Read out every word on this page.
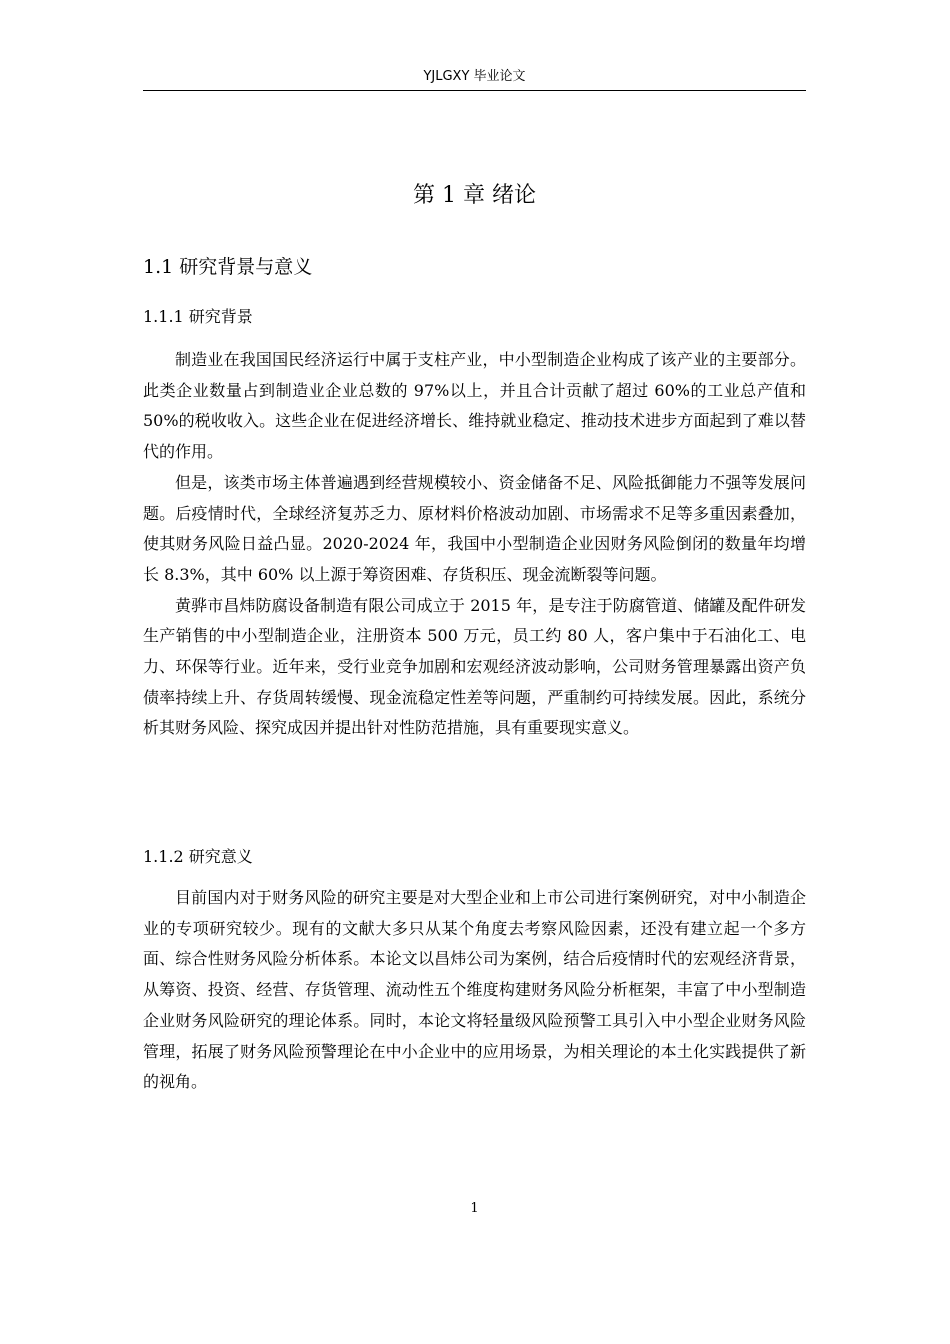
YJLGXY 毕业论文
第 1 章 绪论
1.1 研究背景与意义
1.1.1 研究背景

制造业在我国国民经济运行中属于支柱产业，中小型制造企业构成了该产业的主要部分。此类企业数量占到制造业企业总数的 97%以上，并且合计贡献了超过 60%的工业总产值和 50%的税收收入。这些企业在促进经济增长、维持就业稳定、推动技术进步方面起到了难以替代的作用。

但是，该类市场主体普遍遇到经营规模较小、资金储备不足、风险抵御能力不强等发展问题。后疫情时代，全球经济复苏乏力、原材料价格波动加剧、市场需求不足等多重因素叠加，使其财务风险日益凸显。2020-2024 年，我国中小型制造企业因财务风险倒闭的数量年均增长 8.3%，其中 60% 以上源于筹资困难、存货积压、现金流断裂等问题。

黄骅市昌炜防腐设备制造有限公司成立于 2015 年，是专注于防腐管道、储罐及配件研发生产销售的中小型制造企业，注册资本 500 万元，员工约 80 人，客户集中于石油化工、电力、环保等行业。近年来，受行业竞争加剧和宏观经济波动影响，公司财务管理暴露出资产负债率持续上升、存货周转缓慢、现金流稳定性差等问题，严重制约可持续发展。因此，系统分析其财务风险、探究成因并提出针对性防范措施，具有重要现实意义。

1.1.2 研究意义

目前国内对于财务风险的研究主要是对大型企业和上市公司进行案例研究，对中小制造企业的专项研究较少。现有的文献大多只从某个角度去考察风险因素，还没有建立起一个多方面、综合性财务风险分析体系。本论文以昌炜公司为案例，结合后疫情时代的宏观经济背景，从筹资、投资、经营、存货管理、流动性五个维度构建财务风险分析框架，丰富了中小型制造企业财务风险研究的理论体系。同时，本论文将轻量级风险预警工具引入中小型企业财务风险管理，拓展了财务风险预警理论在中小企业中的应用场景，为相关理论的本土化实践提供了新的视角。

1
